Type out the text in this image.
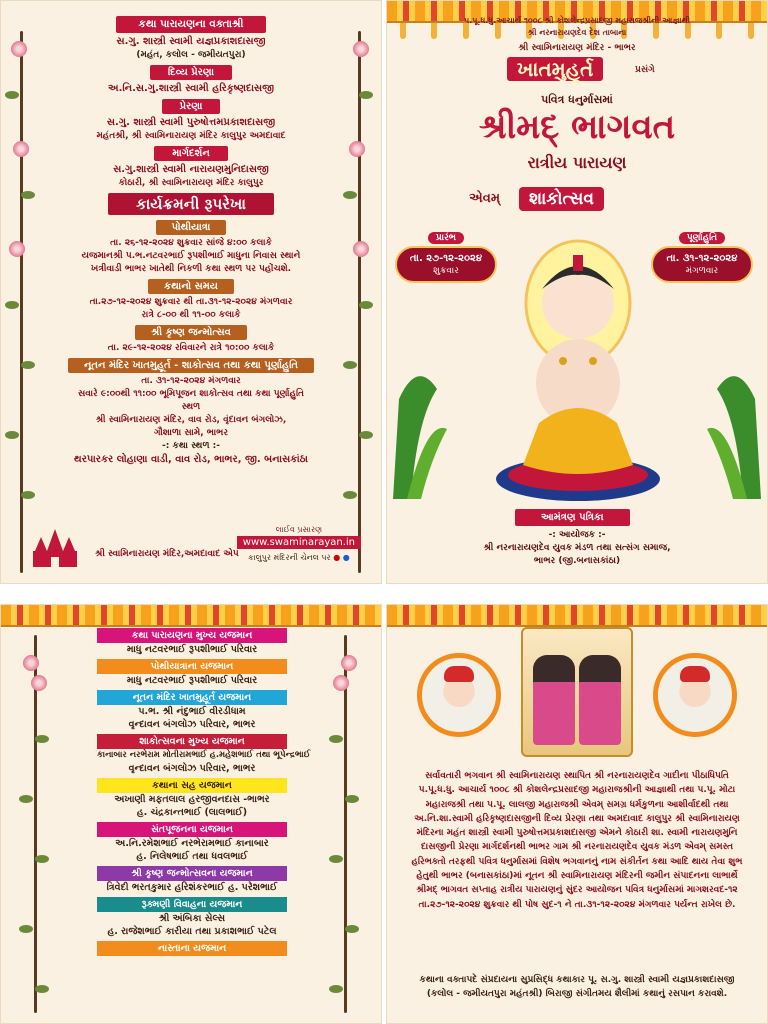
કથા પારાયણના વક્તાશ્રી
સ.ગુ. શાસ્ત્રી સ્વામી યજ્ઞપ્રકાશદાસજી
(મહંત, કલોલ - જમીયતપુરા)
દિવ્ય પ્રેરણા
અ.નિ.સ.ગુ.શાસ્ત્રી સ્વામી હરિકૃષ્ણદાસજી
પ્રેરણા
સ.ગુ. શાસ્ત્રી સ્વામી પુરુષોત્તમપ્રકાશદાસજી
મહંતશ્રી, શ્રી સ્વામિનારાયણ મંદિર કાલુપુર અમદાવાદ
માર્ગદર્શન
સ.ગુ.શાસ્ત્રી સ્વામી નારાયણમુનિદાસજી
કોઠારી, શ્રી સ્વામિનારાયણ મંદિર કાલુપુર
કાર્યક્રમની રૂપરેખા
પોથીયાત્રા
તા. ૨૬-૧૨-૨૦૨૪ શુક્રવાર સાંજે ૪:૦૦ કલાકે
યજમાનશ્રી પ.ભ.નટવરભાઈ રૂપશીભાઈ માધુના નિવાસ સ્થાને
ખત્રીવાડી ભાભર ખાતેથી નિકળી કથા સ્થળ પર પહોંચશે.
કથાનો સમય
તા.૨૭-૧૨-૨૦૨૪ શુક્રવાર થી તા.૩૧-૧૨-૨૦૨૪ મંગળવાર
રાત્રે ૮-૦૦ થી ૧૧-૦૦ કલાકે
શ્રી કૃષ્ણ જન્મોત્સવ
તા. ૨૯-૧૨-૨૦૨૪ રવિવારને રાત્રે ૧૦:૦૦ કલાકે
નૂતન મંદિર ખાતમુહૂર્ત - શાકોત્સવ તથા કથા પૂર્ણાહુતિ
તા. ૩૧-૧૨-૨૦૨૪ મંગળવાર
સવારે ૯:૦૦થી ૧૧:૦૦ ભૂમિપૂજન શાકોત્સવ તથા કથા પૂર્ણાહુતિ
સ્થળ
શ્રી સ્વામિનારાયણ મંદિર, વાવ રોડ, વૃંદાવન બંગલોઝ,
ગૌશાળા સામે, ભાભર
-: કથા સ્થળ :-
થરપારકર લોહાણા વાડી, વાવ રોડ, ભાભર, જી. બનાસકાંઠા
શ્રી સ્વામિનારાયણ મંદિર,અમદાવાદ એપ
લાઈવ પ્રસારણ
www.swaminarayan.in
કાલુપુર મંદિરની ચેનલ પર ● ●
પ.પૂ.ધ.ધુ.આચાર્ય ૧૦૦૮ શ્રી કોશલેન્દ્રપ્રસાદજી મહારાજશ્રીની આજ્ઞાથી
શ્રી નરનારાયણદેવ દેશ તાબાના
શ્રી સ્વામિનારાયણ મંદિર - ભાભર
ખાતમુહૂર્ત	પ્રસંગે
પવિત્ર ધનુર્માસમાં
શ્રીમદ્ ભાગવત
રાત્રીય પારાયણ
એવમ્	શાકોત્સવ
પ્રારંભ
તા. ૨૭-૧૨-૨૦૨૪
શુક્રવાર
પૂર્ણાહુતિ
તા. ૩૧-૧૨-૨૦૨૪
મંગળવાર
આમંત્રણ પત્રિકા
-: આયોજક :-
શ્રી નરનારાયણદેવ યુવક મંડળ તથા સત્સંગ સમાજ,
ભાભર (જી.બનાસકાંઠા)
કથા પારાયણના મુખ્ય યજમાન
માધુ નટવરભાઈ રૂપશીભાઈ પરિવાર
પોથીયાત્રાના યજમાન
માધુ નટવરભાઈ રૂપશીભાઈ પરિવાર
નૂતન મંદિર ખાતમુહૂર્ત યજમાન
પ.ભ. શ્રી નંદુભાઈ વીરડીધામ
વૃન્દાવન બંગલોઝ પરિવાર, ભાભર
શાકોત્સવના મુખ્ય યજમાન
કાનાબાર નરભેરામ મોતીરામભાઈ હ.મહેશભાઈ તથા ભૂપેન્દ્રભાઈ
વૃન્દાવન બંગલોઝ પરિવાર, ભાભર
કથાના સહ યજમાન
અખાણી મફતલાલ હરજીવનદાસ -ભાભર
હ. ચંદ્રકાન્તભાઈ (લાલભાઈ)
સંતપૂજનના યજમાન
અ.નિ.રમેશભાઈ નરભેરામભાઈ કાનાબાર
હ. નિલેષભાઈ તથા ધવલભાઈ
શ્રી કૃષ્ણ જન્મોત્સવના યજમાન
ત્રિવેદી ભરતકુમાર હરિશંકરભાઈ હ. પરેશભાઈ
રૂક્મણી વિવાહના યજમાન
શ્રી અંબિકા સેલ્સ
હ. રાજેશભાઈ કારીયા તથા પ્રકાશભાઈ પટેલ
નાસ્તાના યજમાન
સર્વાવતારી ભગવાન શ્રી સ્વામિનારાયણ સ્થાપિત શ્રી નરનારાયણદેવ ગાદીના પીઠાધિપતિ પ.પૂ.ધ.ધુ. આચાર્ય ૧૦૦૮ શ્રી કોશલેન્દ્રપ્રસાદજી મહારાજશ્રીની આજ્ઞાથી તથા પ.પૂ. મોટા મહારાજશ્રી તથા પ.પૂ. લાલજી મહારાજશ્રી એવમ્ સમગ્ર ધર્મકુળના આશીર્વાદથી તથા અ.નિ.શા.સ્વામી હરિકૃષ્ણદાસજીની દિવ્ય પ્રેરણા તથા અમદાવાદ કાલુપુર શ્રી સ્વામિનારાયણ મંદિરના મહંત શાસ્ત્રી સ્વામી પુરુષોત્તમપ્રકાશદાસજી એમને કોઠારી શા. સ્વામી નારાયણમુનિ દાસજીની પ્રેરણા માર્ગદર્શનથી ભાભર ગામ શ્રી નરનારાયણદેવ યુવક મંડળ એવમ્ સમસ્ત હરિભક્તો તરફથી પવિત્ર ધનુર્માસમાં વિશેષ ભગવાનનું નામ સંકીર્તન કથા આદિ થાય તેવા શુભ હેતુથી ભાભર (બનાસકાંઠા)માં નૂતન શ્રી સ્વામિનારાયણ મંદિરની જમીન સંપાદનના લાભાર્થે શ્રીમદ્ ભાગવત સપ્તાહ રાત્રીય પારાયણનું સુંદર આયોજન પવિત્ર ધનુર્માસમાં માગશરવદ-૧૨ તા.૨૭-૧૨-૨૦૨૪ શુક્રવાર થી પોષ સુદ-૧ ને તા.૩૧-૧૨-૨૦૨૪ મંગળવાર પર્યન્ત રાખેલ છે.
કથાના વક્તાપદે સંપ્રદાયના સુપ્રસિદ્ધ કથાકાર પૂ. સ.ગુ. શાસ્ત્રી સ્વામી યજ્ઞપ્રકાશદાસજી (કલોલ - જમીયતપુરા મહંતશ્રી) બિરાજી સંગીતમય શૈલીમાં કથાનું રસપાન કરાવશે.
